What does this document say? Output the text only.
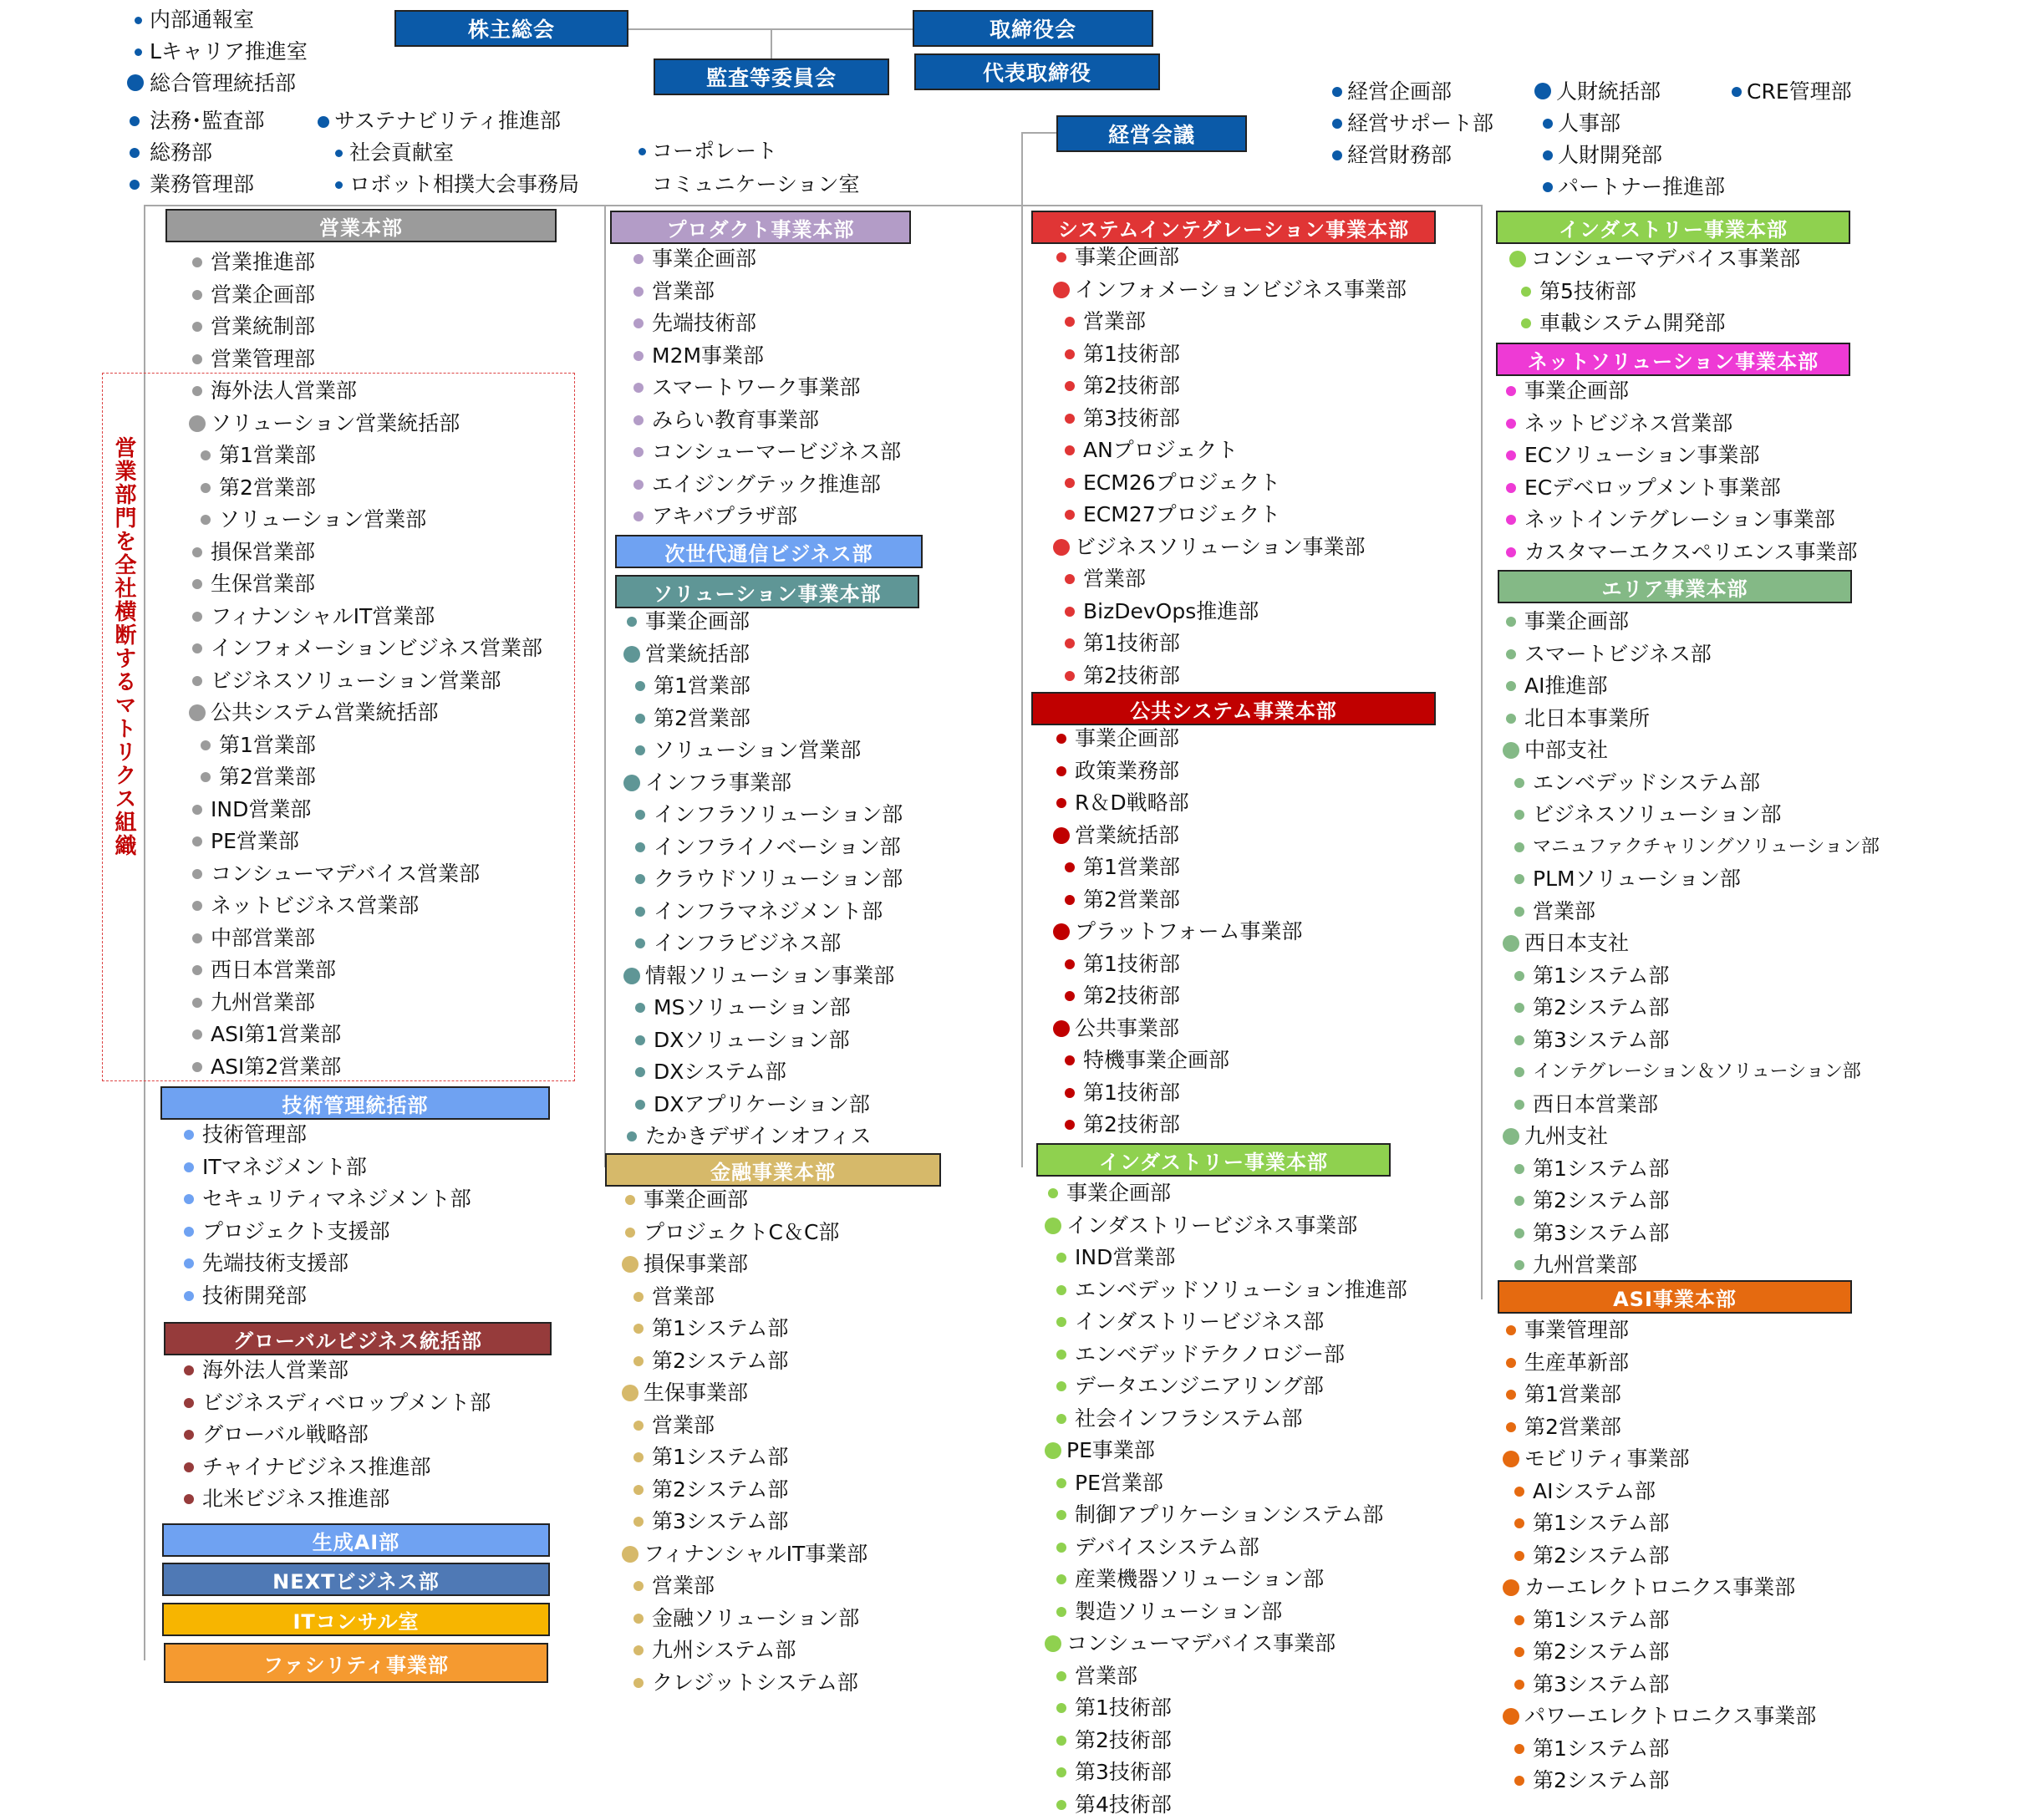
株主総会	取締役会
監査等委員会	代表取締役
経営会議
内部通報室
Lキャリア推進室
総合管理統括部
法務･監査部
総務部
業務管理部
サステナビリティ推進部
社会貢献室
ロボット相撲大会事務局
コーポレート
コミュニケーション室
経営企画部
経営サポート部
経営財務部
人財統括部
人事部
人財開発部
パートナー推進部
CRE管理部
営業部門を全社横断するマトリクス組織
生成AI部
NEXTビジネス部
ITコンサル室
ファシリティ事業部
次世代通信ビジネス部
営業本部
営業推進部
営業企画部
営業統制部
営業管理部
海外法人営業部
ソリューション営業統括部
第1営業部
第2営業部
ソリューション営業部
損保営業部
生保営業部
フィナンシャルIT営業部
インフォメーションビジネス営業部
ビジネスソリューション営業部
公共システム営業統括部
第1営業部
第2営業部
IND営業部
PE営業部
コンシューマデバイス営業部
ネットビジネス営業部
中部営業部
西日本営業部
九州営業部
ASI第1営業部
ASI第2営業部
技術管理統括部
技術管理部
ITマネジメント部
セキュリティマネジメント部
プロジェクト支援部
先端技術支援部
技術開発部
グローバルビジネス統括部
海外法人営業部
ビジネスディベロップメント部
グローバル戦略部
チャイナビジネス推進部
北米ビジネス推進部
プロダクト事業本部
事業企画部
営業部
先端技術部
M2M事業部
スマートワーク事業部
みらい教育事業部
コンシューマービジネス部
エイジングテック推進部
アキバプラザ部
ソリューション事業本部
事業企画部
営業統括部
第1営業部
第2営業部
ソリューション営業部
インフラ事業部
インフラソリューション部
インフライノベーション部
クラウドソリューション部
インフラマネジメント部
インフラビジネス部
情報ソリューション事業部
MSソリューション部
DXソリューション部
DXシステム部
DXアプリケーション部
たかきデザインオフィス
金融事業本部
事業企画部
プロジェクトC＆C部
損保事業部
営業部
第1システム部
第2システム部
生保事業部
営業部
第1システム部
第2システム部
第3システム部
フィナンシャルIT事業部
営業部
金融ソリューション部
九州システム部
クレジットシステム部
システムインテグレーション事業本部
事業企画部
インフォメーションビジネス事業部
営業部
第1技術部
第2技術部
第3技術部
ANプロジェクト
ECM26プロジェクト
ECM27プロジェクト
ビジネスソリューション事業部
営業部
BizDevOps推進部
第1技術部
第2技術部
公共システム事業本部
事業企画部
政策業務部
R＆D戦略部
営業統括部
第1営業部
第2営業部
プラットフォーム事業部
第1技術部
第2技術部
公共事業部
特機事業企画部
第1技術部
第2技術部
インダストリー事業本部
事業企画部
インダストリービジネス事業部
IND営業部
エンベデッドソリューション推進部
インダストリービジネス部
エンベデッドテクノロジー部
データエンジニアリング部
社会インフラシステム部
PE事業部
PE営業部
制御アプリケーションシステム部
デバイスシステム部
産業機器ソリューション部
製造ソリューション部
コンシューマデバイス事業部
営業部
第1技術部
第2技術部
第3技術部
第4技術部
インダストリー事業本部
コンシューマデバイス事業部
第5技術部
車載システム開発部
ネットソリューション事業本部
事業企画部
ネットビジネス営業部
ECソリューション事業部
ECデベロップメント事業部
ネットインテグレーション事業部
カスタマーエクスペリエンス事業部
エリア事業本部
事業企画部
スマートビジネス部
AI推進部
北日本事業所
中部支社
エンベデッドシステム部
ビジネスソリューション部
マニュファクチャリングソリューション部
PLMソリューション部
営業部
西日本支社
第1システム部
第2システム部
第3システム部
インテグレーション＆ソリューション部
西日本営業部
九州支社
第1システム部
第2システム部
第3システム部
九州営業部
ASI事業本部
事業管理部
生産革新部
第1営業部
第2営業部
モビリティ事業部
AIシステム部
第1システム部
第2システム部
カーエレクトロニクス事業部
第1システム部
第2システム部
第3システム部
パワーエレクトロニクス事業部
第1システム部
第2システム部
